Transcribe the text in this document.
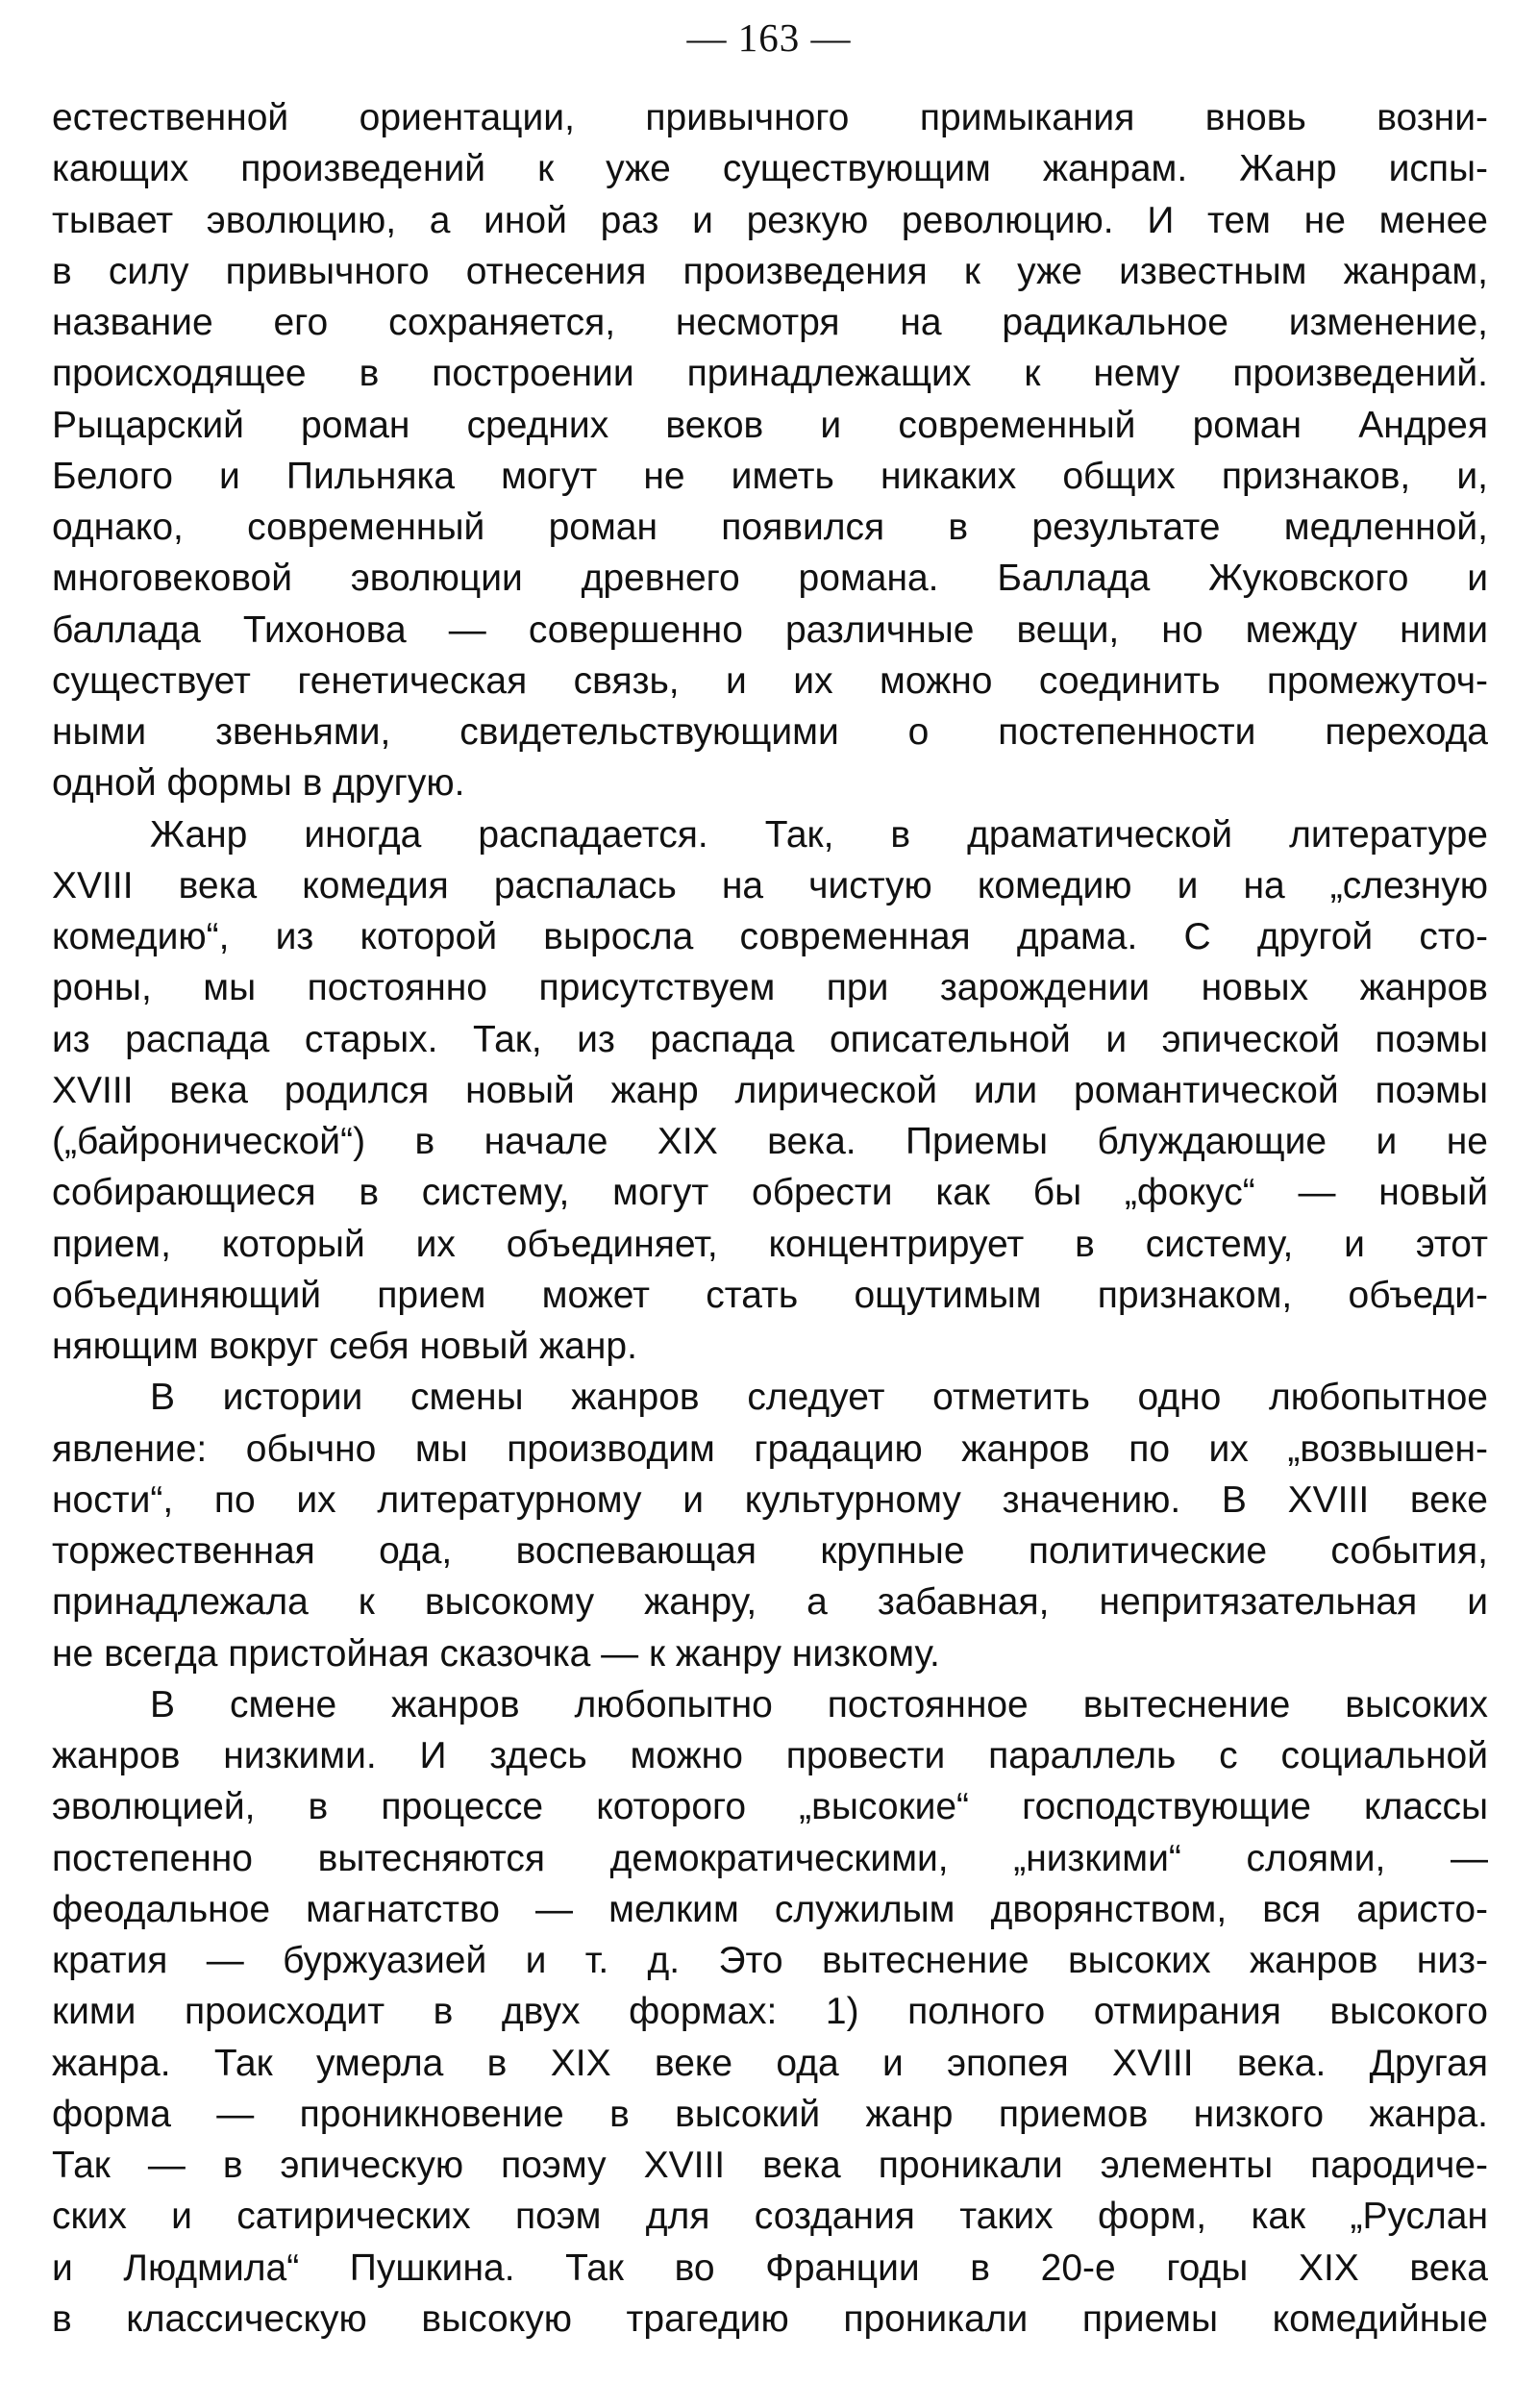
— 163 —
естественной ориентации, привычного примыкания вновь возни-
кающих произведений к уже существующим жанрам. Жанр испы-
тывает эволюцию, а иной раз и резкую революцию. И тем не менее
в силу привычного отнесения произведения к уже известным жанрам,
название его сохраняется, несмотря на радикальное изменение,
происходящее в построении принадлежащих к нему произведений.
Рыцарский роман средних веков и современный роман Андрея
Белого и Пильняка могут не иметь никаких общих признаков, и,
однако, современный роман появился в результате медленной,
многовековой эволюции древнего романа. Баллада Жуковского и
баллада Тихонова — совершенно различные вещи, но между ними
существует генетическая связь, и их можно соединить промежуточ-
ными звеньями, свидетельствующими о постепенности перехода
одной формы в другую.
Жанр иногда распадается. Так, в драматической литературе
XVIII века комедия распалась на чистую комедию и на „слезную
комедию“, из которой выросла современная драма. С другой сто-
роны, мы постоянно присутствуем при зарождении новых жанров
из распада старых. Так, из распада описательной и эпической поэмы
XVIII века родился новый жанр лирической или романтической поэмы
(„байронической“) в начале XIX века. Приемы блуждающие и не
собирающиеся в систему, могут обрести как бы „фокус“ — новый
прием, который их объединяет, концентрирует в систему, и этот
объединяющий прием может стать ощутимым признаком, объеди-
няющим вокруг себя новый жанр.
В истории смены жанров следует отметить одно любопытное
явление: обычно мы производим градацию жанров по их „возвышен-
ности“, по их литературному и культурному значению. В XVIII веке
торжественная ода, воспевающая крупные политические события,
принадлежала к высокому жанру, а забавная, непритязательная и
не всегда пристойная сказочка — к жанру низкому.
В смене жанров любопытно постоянное вытеснение высоких
жанров низкими. И здесь можно провести параллель с социальной
эволюцией, в процессе которого „высокие“ господствующие классы
постепенно вытесняются демократическими, „низкими“ слоями, —
феодальное магнатство — мелким служилым дворянством, вся аристо-
кратия — буржуазией и т. д. Это вытеснение высоких жанров низ-
кими происходит в двух формах: 1) полного отмирания высокого
жанра. Так умерла в XIX веке ода и эпопея XVIII века. Другая
форма — проникновение в высокий жанр приемов низкого жанра.
Так — в эпическую поэму XVIII века проникали элементы пародиче-
ских и сатирических поэм для создания таких форм, как „Руслан
и Людмила“ Пушкина. Так во Франции в 20-е годы XIX века
в классическую высокую трагедию проникали приемы комедийные
